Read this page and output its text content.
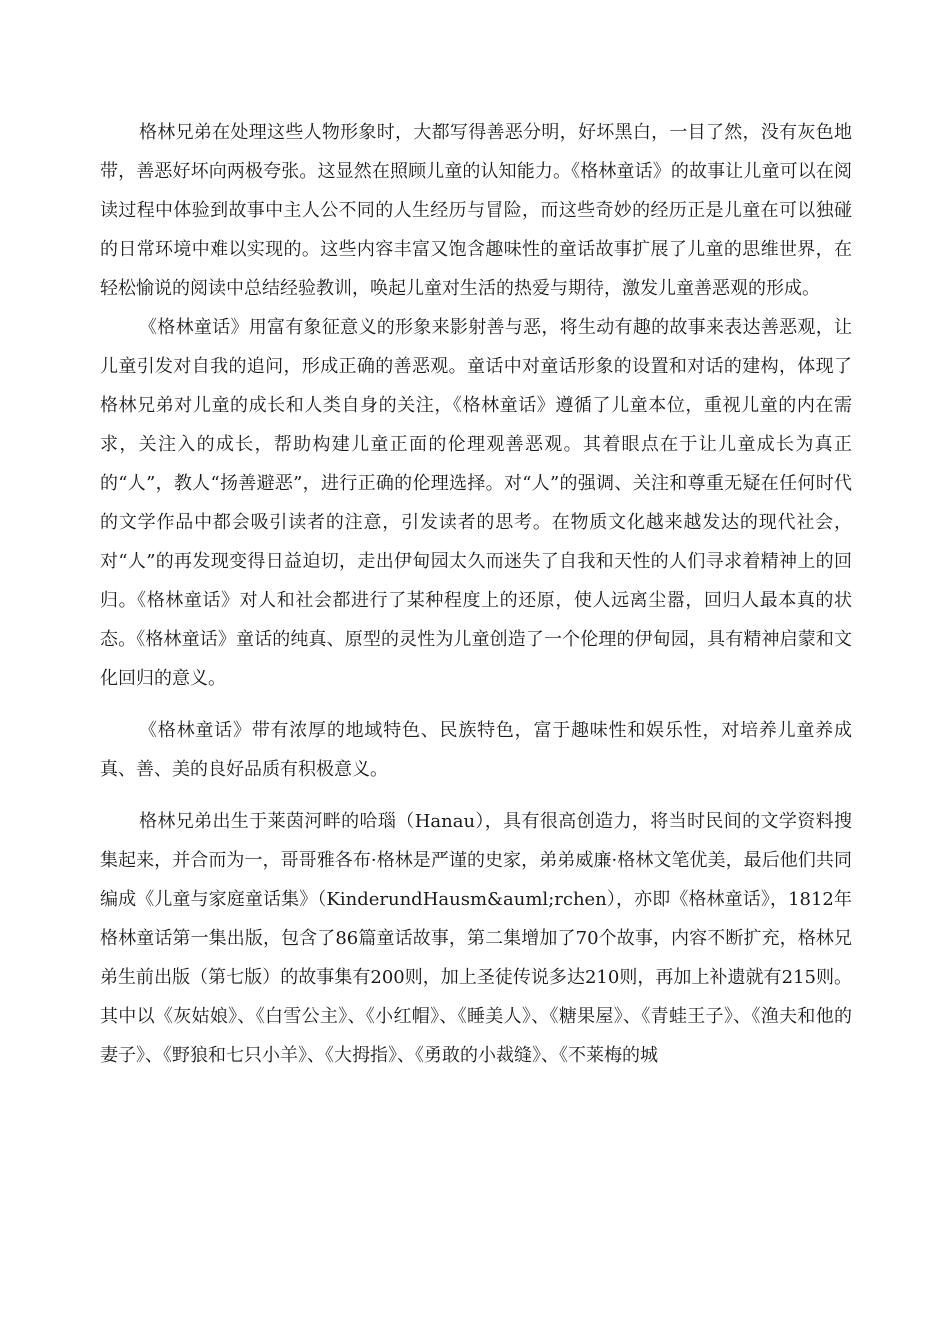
格林兄弟在处理这些人物形象时，大都写得善恶分明，好坏黑白，一目了然，没有灰色地带，善恶好坏向两极夸张。这显然在照顾儿童的认知能力。《格林童话》的故事让儿童可以在阅读过程中体验到故事中主人公不同的人生经历与冒险，而这些奇妙的经历正是儿童在可以独碰的日常环境中难以实现的。这些内容丰富又饱含趣味性的童话故事扩展了儿童的思维世界，在轻松愉说的阅读中总结经验教训，唤起儿童对生活的热爱与期待，激发儿童善恶观的形成。

《格林童话》用富有象征意义的形象来影射善与恶，将生动有趣的故事来表达善恶观，让儿童引发对自我的追问，形成正确的善恶观。童话中对童话形象的设置和对话的建构，体现了格林兄弟对儿童的成长和人类自身的关注，《格林童话》遵循了儿童本位，重视儿童的内在需求，关注入的成长，帮助构建儿童正面的伦理观善恶观。其着眼点在于让儿童成长为真正的“人”，教人“扬善避恶”，进行正确的伦理选择。对“人”的强调、关注和尊重无疑在任何时代的文学作品中都会吸引读者的注意，引发读者的思考。在物质文化越来越发达的现代社会，对“人”的再发现变得日益迫切，走出伊甸园太久而迷失了自我和天性的人们寻求着精神上的回归。《格林童话》对人和社会都进行了某种程度上的还原，使人远离尘嚣，回归人最本真的状态。《格林童话》童话的纯真、原型的灵性为儿童创造了一个伦理的伊甸园，具有精神启蒙和文化回归的意义。

《格林童话》带有浓厚的地域特色、民族特色，富于趣味性和娱乐性，对培养儿童养成真、善、美的良好品质有积极意义。

格林兄弟出生于莱茵河畔的哈瑙（Hanau），具有很高创造力，将当时民间的文学资料搜集起来，并合而为一，哥哥雅各布·格林是严谨的史家，弟弟威廉·格林文笔优美，最后他们共同编成《儿童与家庭童话集》（KinderundHausm&auml;rchen），亦即《格林童话》，1812年格林童话第一集出版，包含了86篇童话故事，第二集增加了70个故事，内容不断扩充，格林兄弟生前出版（第七版）的故事集有200则，加上圣徒传说多达210则，再加上补遗就有215则。其中以《灰姑娘》、《白雪公主》、《小红帽》、《睡美人》、《糖果屋》、《青蛙王子》、《渔夫和他的妻子》、《野狼和七只小羊》、《大拇指》、《勇敢的小裁缝》、《不莱梅的城
